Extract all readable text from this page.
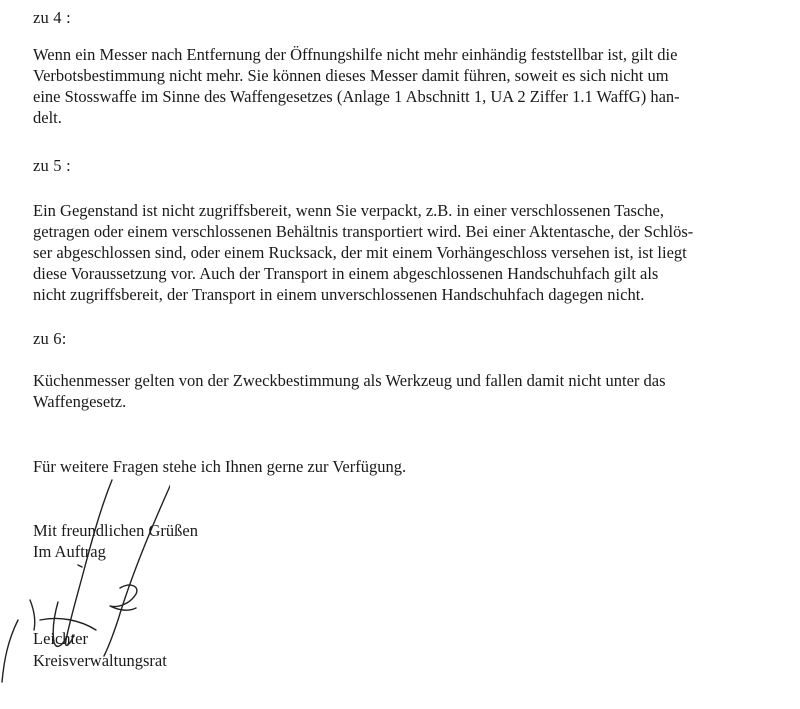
zu 4 :

Wenn ein Messer nach Entfernung der Öffnungshilfe nicht mehr einhändig feststellbar ist, gilt die
Verbotsbestimmung nicht mehr. Sie können dieses Messer damit führen, soweit es sich nicht um
eine Stosswaffe im Sinne des Waffengesetzes (Anlage 1 Abschnitt 1, UA 2 Ziffer 1.1 WaffG) han-
delt.

zu 5 :

Ein Gegenstand ist nicht zugriffsbereit, wenn Sie verpackt, z.B. in einer verschlossenen Tasche,
getragen oder einem verschlossenen Behältnis transportiert wird. Bei einer Aktentasche, der Schlös-
ser abgeschlossen sind, oder einem Rucksack, der mit einem Vorhängeschloss versehen ist, ist liegt
diese Voraussetzung vor. Auch der Transport in einem abgeschlossenen Handschuhfach gilt als
nicht zugriffsbereit, der Transport in einem unverschlossenen Handschuhfach dagegen nicht.

zu 6:

Küchenmesser gelten von der Zweckbestimmung als Werkzeug und fallen damit nicht unter das
Waffengesetz.

Für weitere Fragen stehe ich Ihnen gerne zur Verfügung.

Mit freundlichen Grüßen

Im Auftrag

Leichter

Kreisverwaltungsrat
